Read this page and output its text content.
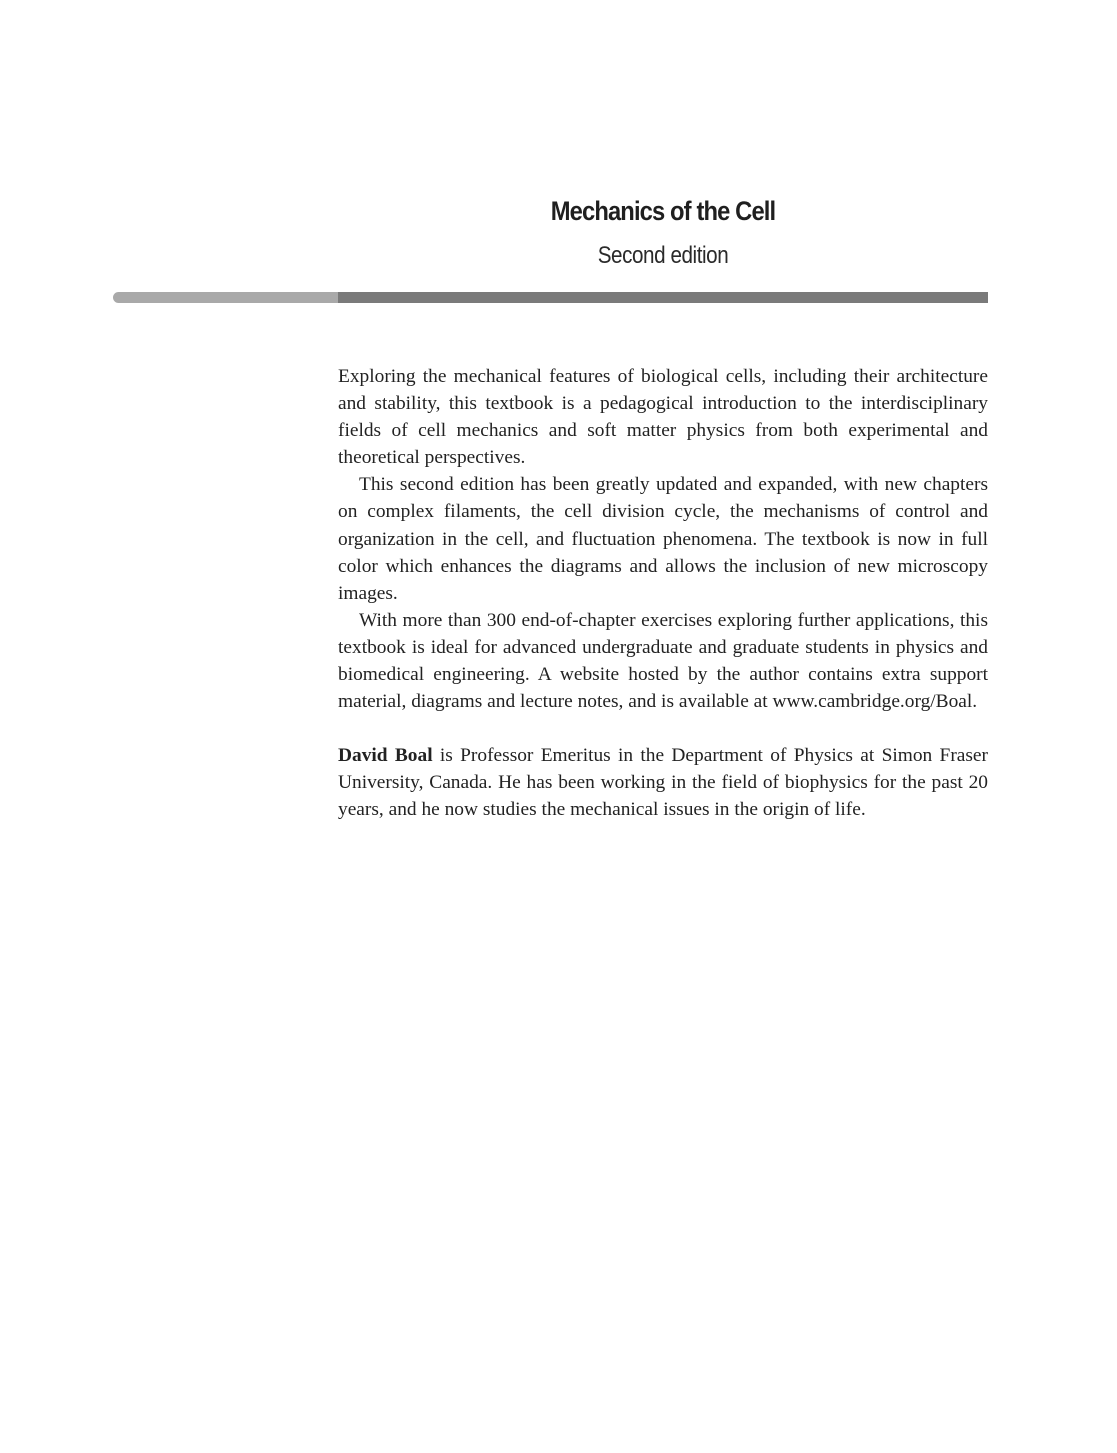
Mechanics of the Cell
Second edition

Exploring the mechanical features of biological cells, including their architecture and stability, this textbook is a pedagogical introduction to the interdisciplinary fields of cell mechanics and soft matter physics from both experimental and theoretical perspectives.

This second edition has been greatly updated and expanded, with new chapters on complex filaments, the cell division cycle, the mechanisms of control and organization in the cell, and fluctuation phenomena. The textbook is now in full color which enhances the diagrams and allows the inclusion of new microscopy images.

With more than 300 end-of-chapter exercises exploring further applications, this textbook is ideal for advanced undergraduate and graduate students in physics and biomedical engineering. A website hosted by the author contains extra support material, diagrams and lecture notes, and is available at www.cambridge.org/Boal.

David Boal is Professor Emeritus in the Department of Physics at Simon Fraser University, Canada. He has been working in the field of biophysics for the past 20 years, and he now studies the mechanical issues in the origin of life.
